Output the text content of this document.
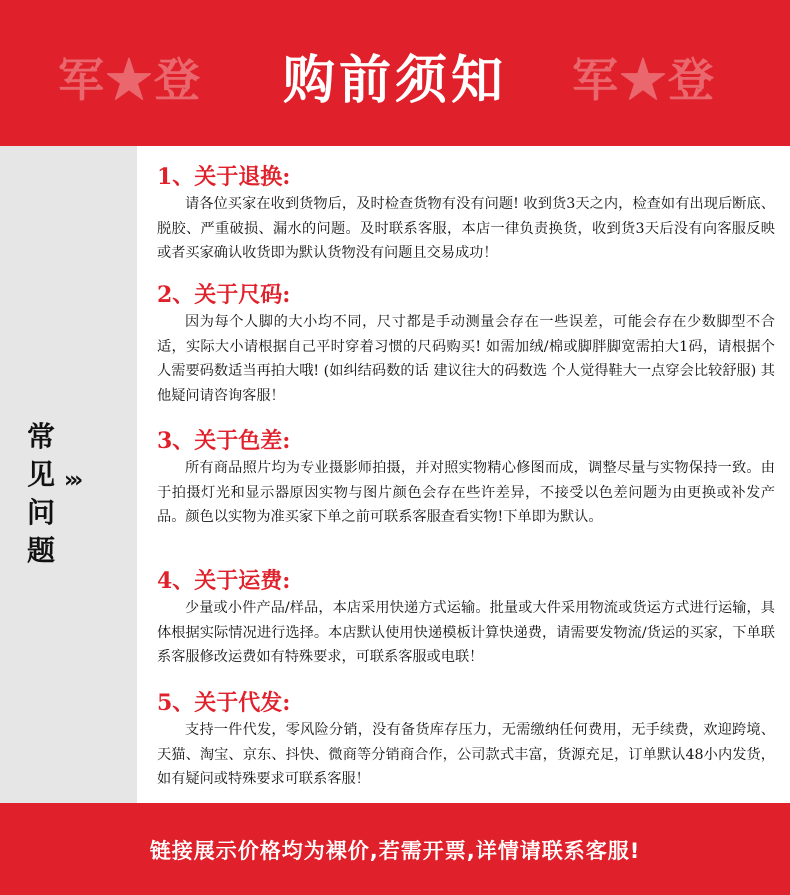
军★登	购前须知	军★登
常见问题
›››
1、关于退换:

请各位买家在收到货物后，及时检查货物有没有问题! 收到货3天之内，检查如有出现后断底、脱胶、严重破损、漏水的问题。及时联系客服，本店一律负责换货，收到货3天后没有向客服反映或者买家确认收货即为默认货物没有问题且交易成功！

2、关于尺码:

因为每个人脚的大小均不同，尺寸都是手动测量会存在一些误差，可能会存在少数脚型不合适，实际大小请根据自己平时穿着习惯的尺码购买! 如需加绒/棉或脚胖脚宽需拍大1码，请根据个人需要码数适当再拍大哦! (如纠结码数的话 建议往大的码数选 个人觉得鞋大一点穿会比较舒服) 其他疑问请咨询客服！

3、关于色差:

所有商品照片均为专业摄影师拍摄，并对照实物精心修图而成，调整尽量与实物保持一致。由于拍摄灯光和显示器原因实物与图片颜色会存在些许差异，不接受以色差问题为由更换或补发产品。颜色以实物为准买家下单之前可联系客服查看实物!下单即为默认。

4、关于运费:

少量或小件产品/样品，本店采用快递方式运输。批量或大件采用物流或货运方式进行运输，具体根据实际情况进行选择。本店默认使用快递模板计算快递费，请需要发物流/货运的买家，下单联系客服修改运费如有特殊要求，可联系客服或电联！

5、关于代发:

支持一件代发，零风险分销，没有备货库存压力，无需缴纳任何费用，无手续费，欢迎跨境、天猫、淘宝、京东、抖快、微商等分销商合作，公司款式丰富，货源充足，订单默认48小内发货，如有疑问或特殊要求可联系客服！

链接展示价格均为裸价,若需开票,详情请联系客服!
